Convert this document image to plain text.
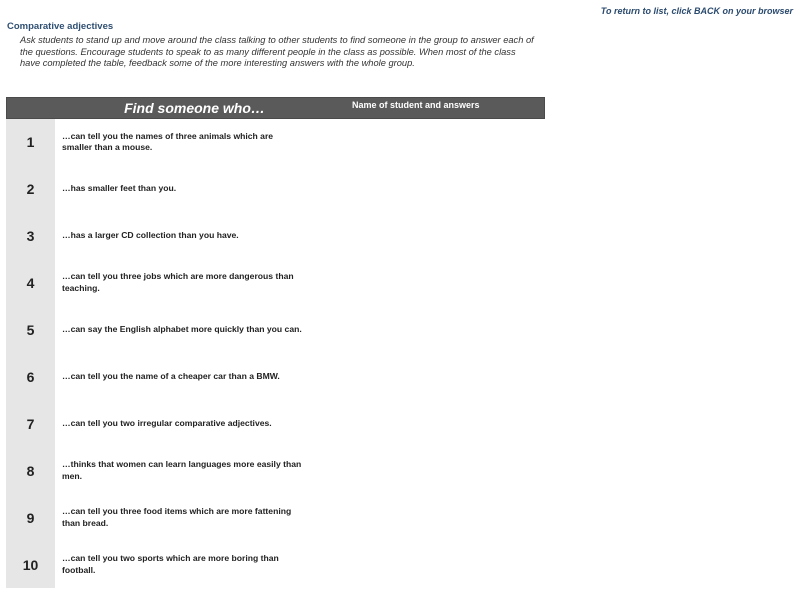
To return to list, click BACK on your browser
Comparative adjectives
Ask students to stand up and move around the class talking to other students to find someone in the group to answer each of the questions. Encourage students to speak to as many different people in the class as possible. When most of the class have completed the table, feedback some of the more interesting answers with the whole group.
Find someone who…	Name of student and answers
1	…can tell you the names of three animals which are smaller than a mouse.
2	…has smaller feet than you.
3	…has a larger CD collection than you have.
4	…can tell you three jobs which are more dangerous than teaching.
5	…can say the English alphabet more quickly than you can.
6	…can tell you the name of a cheaper car than a BMW.
7	…can tell you two irregular comparative adjectives.
8	…thinks that women can learn languages more easily than men.
9	…can tell you three food items which are more fattening than bread.
10	…can tell you two sports which are more boring than football.
